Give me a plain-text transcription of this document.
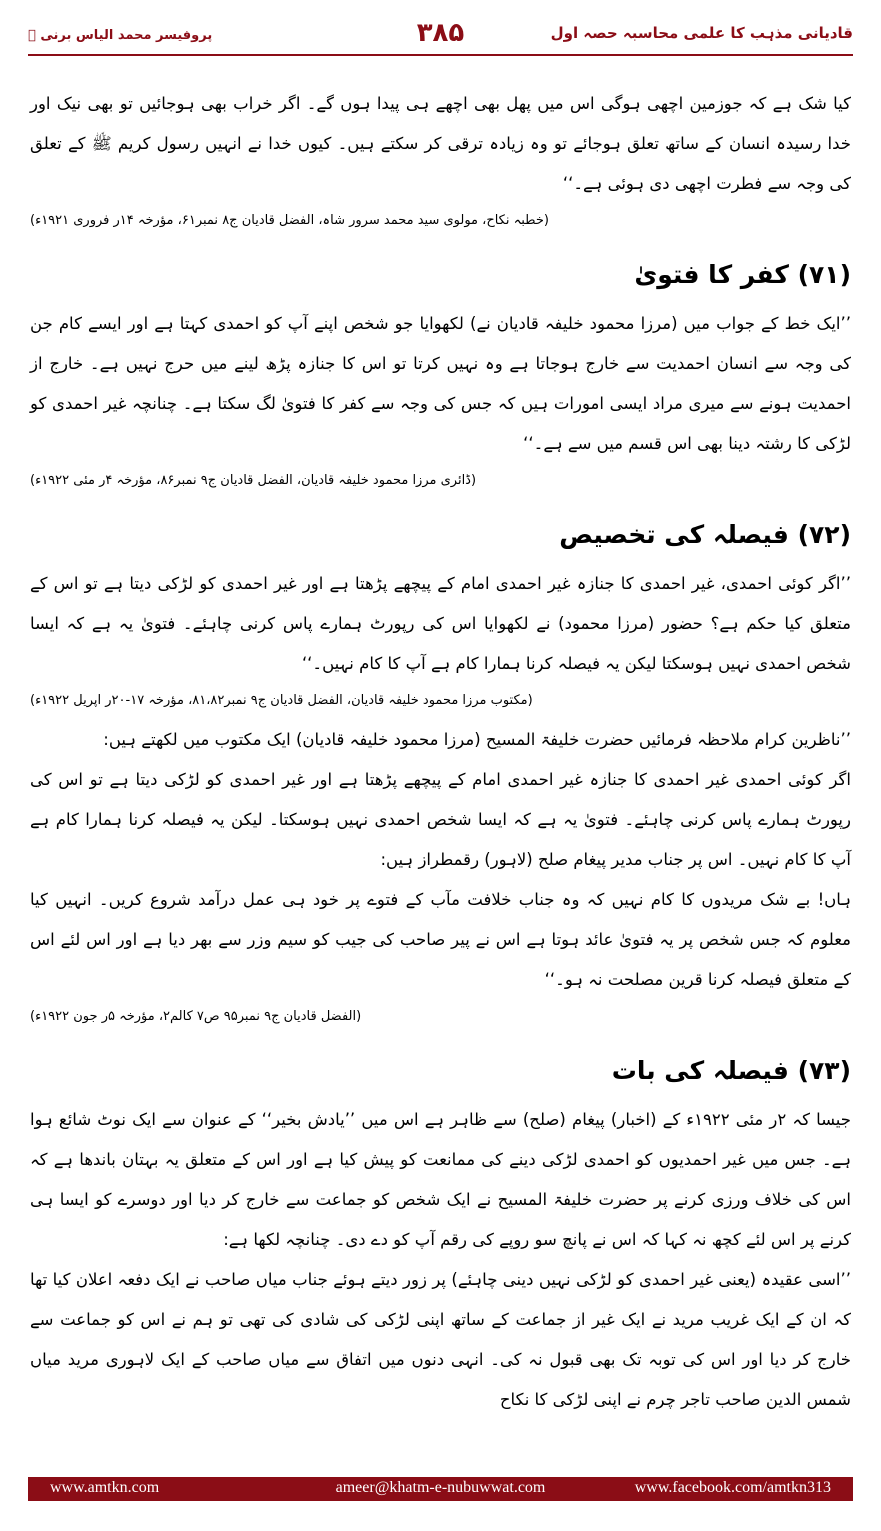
قادیانی مذہب کا علمی محاسبہ حصہ اول
۳۸۵
پروفیسر محمد الیاس برنی ﷫

کیا شک ہے کہ جوزمین اچھی ہوگی اس میں پھل بھی اچھے ہی پیدا ہوں گے۔ اگر خراب بھی ہوجائیں تو بھی نیک اور خدا رسیدہ انسان کے ساتھ تعلق ہوجائے تو وہ زیادہ ترقی کر سکتے ہیں۔ کیوں خدا نے انہیں رسول کریم ﷺ کے تعلق کی وجہ سے فطرت اچھی دی ہوئی ہے۔‘‘

(خطبہ نکاح، مولوی سید محمد سرور شاہ، الفضل قادیان ج۸ نمبر۶۱، مؤرخہ ۱۴ر فروری ۱۹۲۱ء)
(۷۱) کفر کا فتویٰ

’’ایک خط کے جواب میں (مرزا محمود خلیفہ قادیان نے) لکھوایا جو شخص اپنے آپ کو احمدی کہتا ہے اور ایسے کام جن کی وجہ سے انسان احمدیت سے خارج ہوجاتا ہے وہ نہیں کرتا تو اس کا جنازہ پڑھ لینے میں حرج نہیں ہے۔ خارج از احمدیت ہونے سے میری مراد ایسی امورات ہیں کہ جس کی وجہ سے کفر کا فتویٰ لگ سکتا ہے۔ چنانچہ غیر احمدی کو لڑکی کا رشتہ دینا بھی اس قسم میں سے ہے۔‘‘

(ڈائری مرزا محمود خلیفہ قادیان، الفضل قادیان ج۹ نمبر۸۶، مؤرخہ ۴ر مئی ۱۹۲۲ء)
(۷۲) فیصلہ کی تخصیص

’’اگر کوئی احمدی، غیر احمدی کا جنازہ غیر احمدی امام کے پیچھے پڑھتا ہے اور غیر احمدی کو لڑکی دیتا ہے تو اس کے متعلق کیا حکم ہے؟ حضور (مرزا محمود) نے لکھوایا اس کی رپورٹ ہمارے پاس کرنی چاہئے۔ فتویٰ یہ ہے کہ ایسا شخص احمدی نہیں ہوسکتا لیکن یہ فیصلہ کرنا ہمارا کام ہے آپ کا کام نہیں۔‘‘

(مکتوب مرزا محمود خلیفہ قادیان، الفضل قادیان ج۹ نمبر۸۱،۸۲، مؤرخہ ۱۷-۲۰ر اپریل ۱۹۲۲ء)

’’ناظرین کرام ملاحظہ فرمائیں حضرت خلیفۃ المسیح (مرزا محمود خلیفہ قادیان) ایک مکتوب میں لکھتے ہیں:

اگر کوئی احمدی غیر احمدی کا جنازہ غیر احمدی امام کے پیچھے پڑھتا ہے اور غیر احمدی کو لڑکی دیتا ہے تو اس کی رپورٹ ہمارے پاس کرنی چاہئے۔ فتویٰ یہ ہے کہ ایسا شخص احمدی نہیں ہوسکتا۔ لیکن یہ فیصلہ کرنا ہمارا کام ہے آپ کا کام نہیں۔ اس پر جناب مدیر پیغام صلح (لاہور) رقمطراز ہیں:

ہاں! بے شک مریدوں کا کام نہیں کہ وہ جناب خلافت مآب کے فتوے پر خود ہی عمل درآمد شروع کریں۔ انہیں کیا معلوم کہ جس شخص پر یہ فتویٰ عائد ہوتا ہے اس نے پیر صاحب کی جیب کو سیم وزر سے بھر دیا ہے اور اس لئے اس کے متعلق فیصلہ کرنا قرین مصلحت نہ ہو۔‘‘

(الفضل قادیان ج۹ نمبر۹۵ ص۷ کالم۲، مؤرخہ ۵ر جون ۱۹۲۲ء)
(۷۳) فیصلہ کی بات

جیسا کہ ۲ر مئی ۱۹۲۲ء کے (اخبار) پیغام (صلح) سے ظاہر ہے اس میں ’’یادش بخیر‘‘ کے عنوان سے ایک نوٹ شائع ہوا ہے۔ جس میں غیر احمدیوں کو احمدی لڑکی دینے کی ممانعت کو پیش کیا ہے اور اس کے متعلق یہ بہتان باندھا ہے کہ اس کی خلاف ورزی کرنے پر حضرت خلیفۃ المسیح نے ایک شخص کو جماعت سے خارج کر دیا اور دوسرے کو ایسا ہی کرنے پر اس لئے کچھ نہ کہا کہ اس نے پانچ سو روپے کی رقم آپ کو دے دی۔ چنانچہ لکھا ہے:

’’اسی عقیدہ (یعنی غیر احمدی کو لڑکی نہیں دینی چاہئے) پر زور دیتے ہوئے جناب میاں صاحب نے ایک دفعہ اعلان کیا تھا کہ ان کے ایک غریب مرید نے ایک غیر از جماعت کے ساتھ اپنی لڑکی کی شادی کی تھی تو ہم نے اس کو جماعت سے خارج کر دیا اور اس کی توبہ تک بھی قبول نہ کی۔ انہی دنوں میں اتفاق سے میاں صاحب کے ایک لاہوری مرید میاں شمس الدین صاحب تاجر چرم نے اپنی لڑکی کا نکاح

www.amtkn.com	ameer@khatm-e-nubuwwat.com	www.facebook.com/amtkn313
